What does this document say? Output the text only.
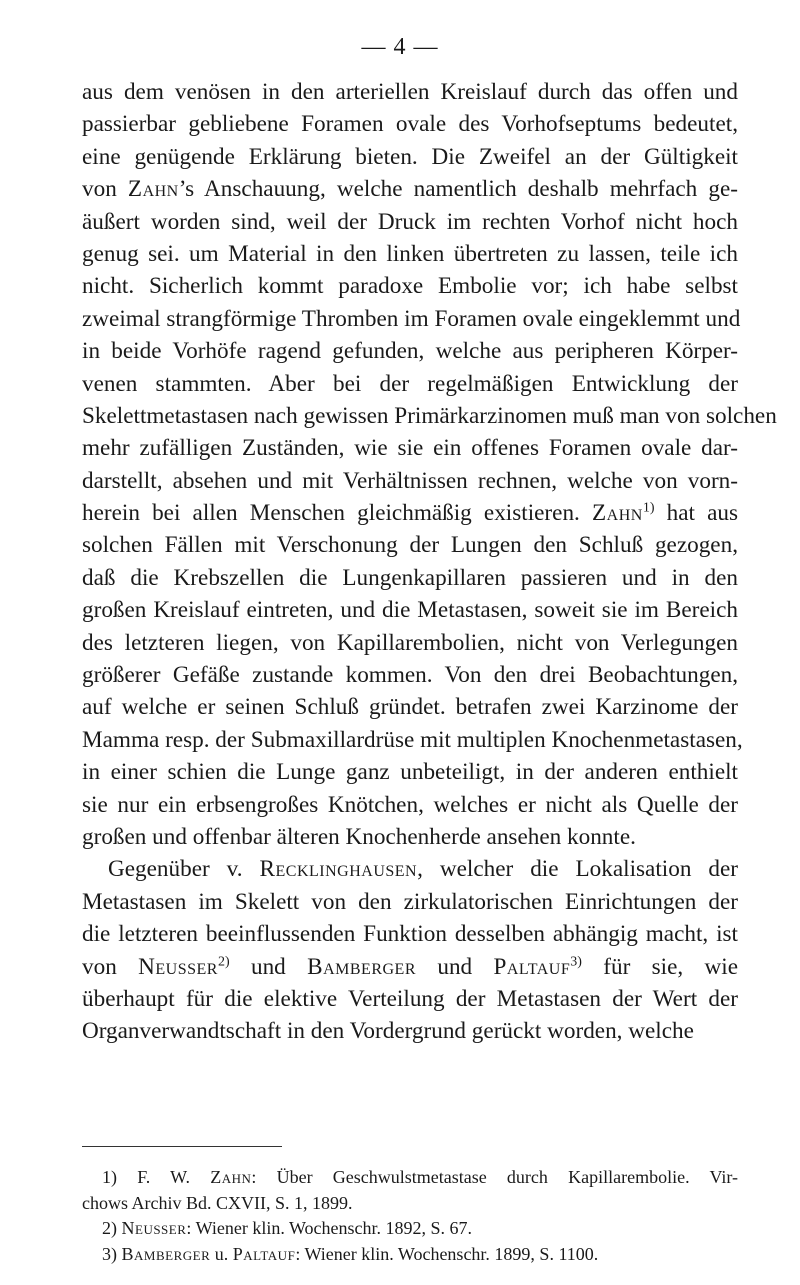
— 4 —
aus dem venösen in den arteriellen Kreislauf durch das offen und
passierbar gebliebene Foramen ovale des Vorhofseptums bedeutet,
eine genügende Erklärung bieten. Die Zweifel an der Gültigkeit
von Zahn’s Anschauung, welche namentlich deshalb mehrfach ge-
äußert worden sind, weil der Druck im rechten Vorhof nicht hoch
genug sei. um Material in den linken übertreten zu lassen, teile ich
nicht. Sicherlich kommt paradoxe Embolie vor; ich habe selbst
zweimal strangförmige Thromben im Foramen ovale eingeklemmt und
in beide Vorhöfe ragend gefunden, welche aus peripheren Körper-
venen stammten. Aber bei der regelmäßigen Entwicklung der
Skelettmetastasen nach gewissen Primärkarzinomen muß man von solchen
mehr zufälligen Zuständen, wie sie ein offenes Foramen ovale dar-
darstellt, absehen und mit Verhältnissen rechnen, welche von vorn-
herein bei allen Menschen gleichmäßig existieren. Zahn$^{1)}$ hat aus
solchen Fällen mit Verschonung der Lungen den Schluß gezogen,
daß die Krebszellen die Lungenkapillaren passieren und in den
großen Kreislauf eintreten, und die Metastasen, soweit sie im Bereich
des letzteren liegen, von Kapillarembolien, nicht von Verlegungen
größerer Gefäße zustande kommen. Von den drei Beobachtungen,
auf welche er seinen Schluß gründet. betrafen zwei Karzinome der
Mamma resp. der Submaxillardrüse mit multiplen Knochenmetastasen,
in einer schien die Lunge ganz unbeteiligt, in der anderen enthielt
sie nur ein erbsengroßes Knötchen, welches er nicht als Quelle der
großen und offenbar älteren Knochenherde ansehen konnte.
Gegenüber v. Recklinghausen, welcher die Lokalisation der
Metastasen im Skelett von den zirkulatorischen Einrichtungen der
die letzteren beeinflussenden Funktion desselben abhängig macht, ist
von Neusser$^{2)}$ und Bamberger und Paltauf$^{3)}$ für sie, wie
überhaupt für die elektive Verteilung der Metastasen der Wert der
Organverwandtschaft in den Vordergrund gerückt worden, welche
1) F. W. Zahn: Über Geschwulstmetastase durch Kapillarembolie. Vir-
chows Archiv Bd. CXVII, S. 1, 1899.
2) Neusser: Wiener klin. Wochenschr. 1892, S. 67.
3) Bamberger u. Paltauf: Wiener klin. Wochenschr. 1899, S. 1100.
